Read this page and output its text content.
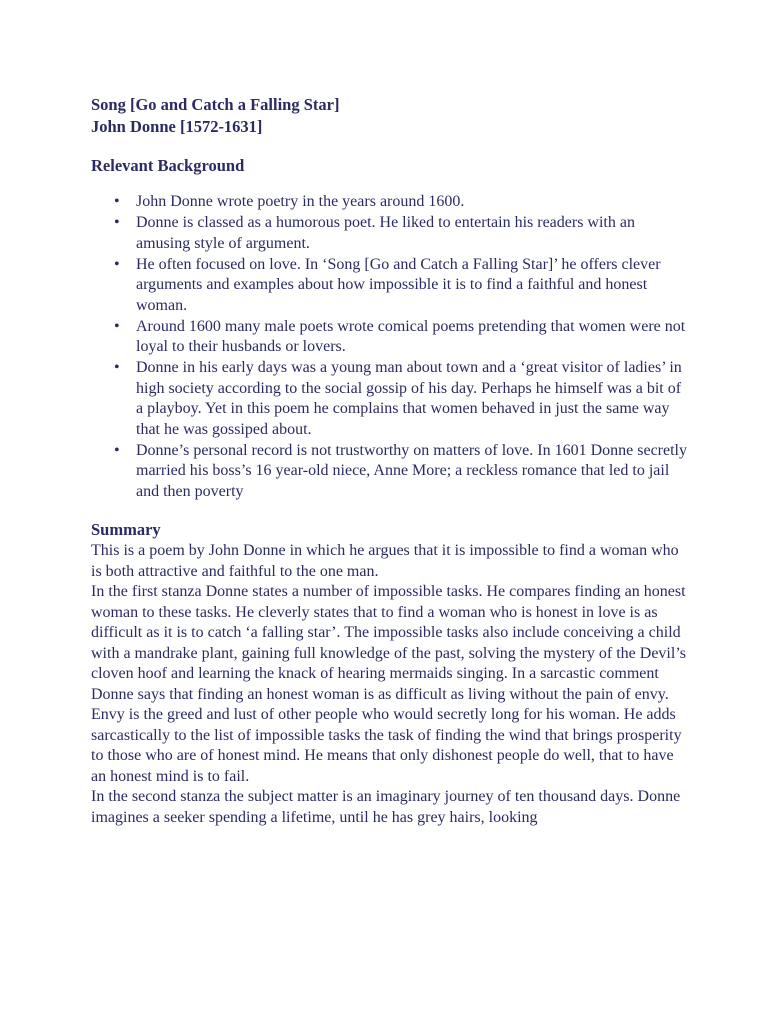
Song [Go and Catch a Falling Star]
John Donne [1572-1631]
Relevant Background
• John Donne wrote poetry in the years around 1600.
• Donne is classed as a humorous poet. He liked to entertain his readers with an amusing style of argument.
• He often focused on love. In ‘Song [Go and Catch a Falling Star]’ he offers clever arguments and examples about how impossible it is to find a faithful and honest woman.
• Around 1600 many male poets wrote comical poems pretending that women were not loyal to their husbands or lovers.
• Donne in his early days was a young man about town and a ‘great visitor of ladies’ in high society according to the social gossip of his day. Perhaps he himself was a bit of a playboy. Yet in this poem he complains that women behaved in just the same way that he was gossiped about.
• Donne’s personal record is not trustworthy on matters of love. In 1601 Donne secretly married his boss’s 16 year-old niece, Anne More; a reckless romance that led to jail and then poverty
Summary

This is a poem by John Donne in which he argues that it is impossible to find a woman who is both attractive and faithful to the one man.

In the first stanza Donne states a number of impossible tasks. He compares finding an honest woman to these tasks. He cleverly states that to find a woman who is honest in love is as difficult as it is to catch ‘a falling star’. The impossible tasks also include conceiving a child with a mandrake plant, gaining full knowledge of the past, solving the mystery of the Devil’s cloven hoof and learning the knack of hearing mermaids singing. In a sarcastic comment Donne says that finding an honest woman is as difficult as living without the pain of envy. Envy is the greed and lust of other people who would secretly long for his woman. He adds sarcastically to the list of impossible tasks the task of finding the wind that brings prosperity to those who are of honest mind. He means that only dishonest people do well, that to have an honest mind is to fail.

In the second stanza the subject matter is an imaginary journey of ten thousand days. Donne imagines a seeker spending a lifetime, until he has grey hairs, looking
